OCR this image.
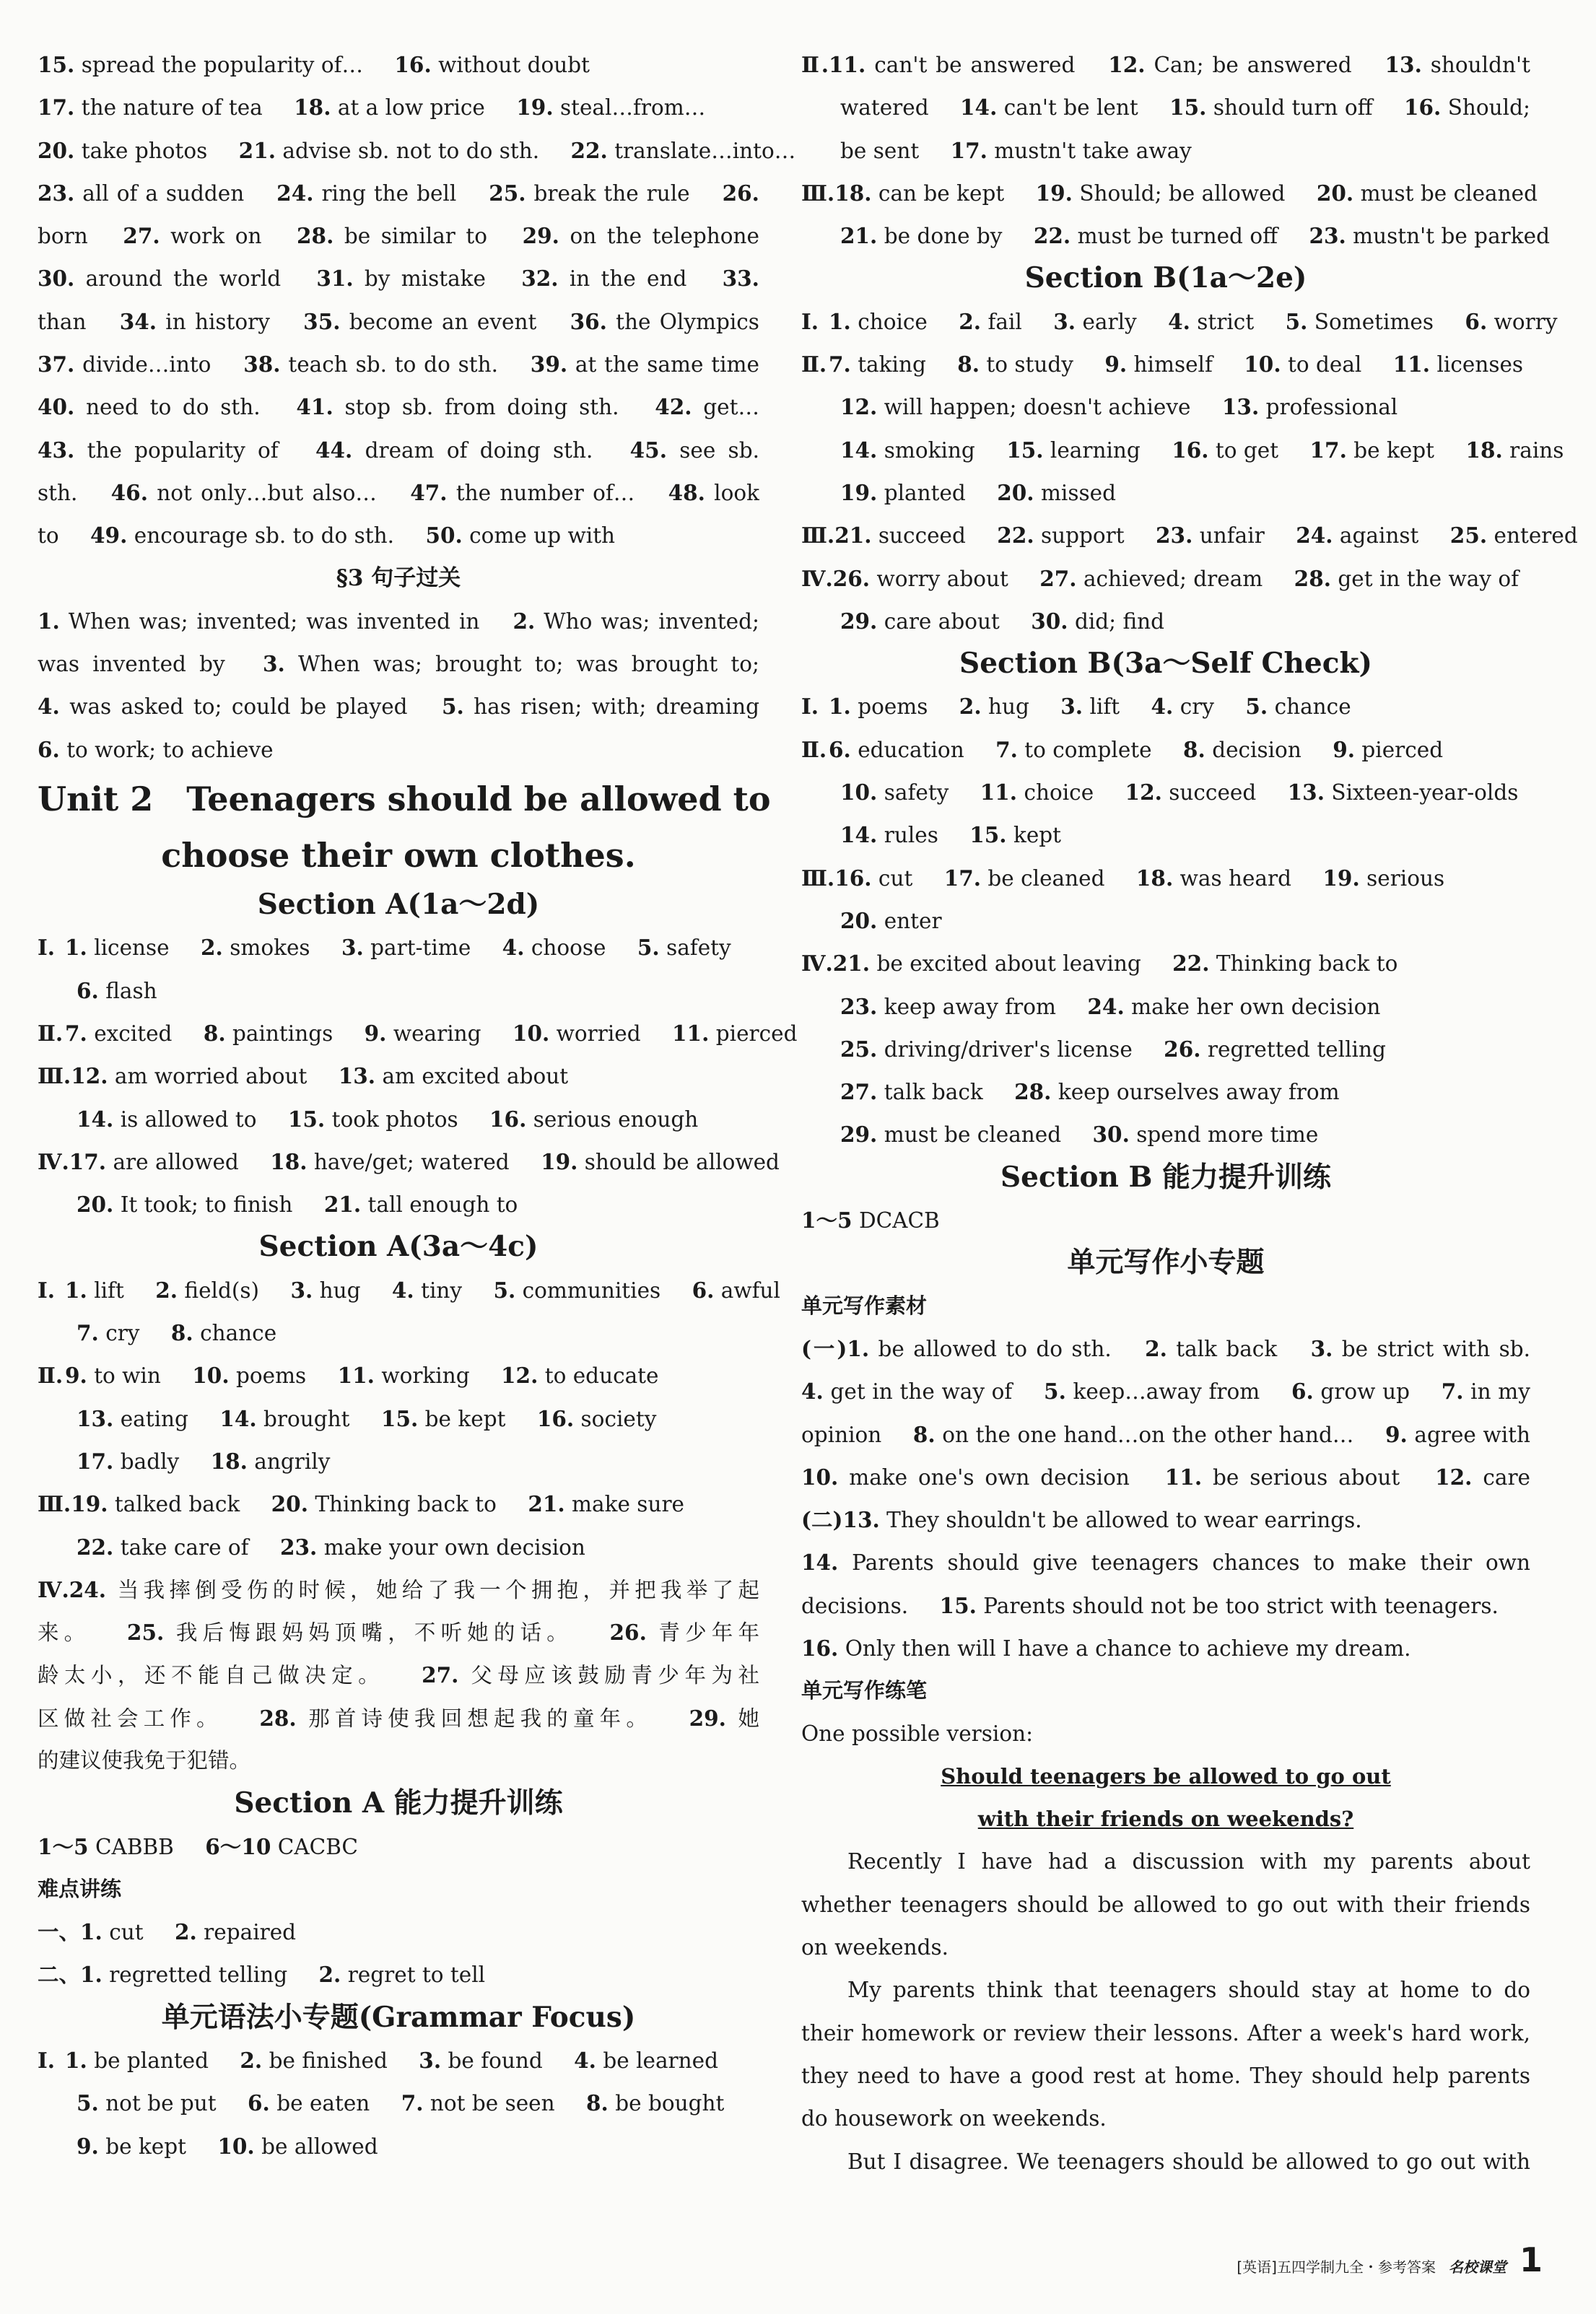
15. spread the popularity of… 16. without doubt
17. the nature of tea 18. at a low price 19. steal…from…
20. take photos 21. advise sb. not to do sth. 22. translate…into…
23. all of a sudden 24. ring the bell 25. break the rule 26.
born 27. work on 28. be similar to 29. on the telephone
30. around the world 31. by mistake 32. in the end 33.
than 34. in history 35. become an event 36. the Olympics
37. divide…into 38. teach sb. to do sth. 39. at the same time
40. need to do sth. 41. stop sb. from doing sth. 42. get…
43. the popularity of 44. dream of doing sth. 45. see sb.
sth. 46. not only…but also… 47. the number of… 48. look
to 49. encourage sb. to do sth. 50. come up with
§3 句子过关
1. When was; invented; was invented in 2. Who was; invented;
was invented by 3. When was; brought to; was brought to;
4. was asked to; could be played 5. has risen; with; dreaming
6. to work; to achieve
Unit 2　Teenagers should be allowed to
choose their own clothes.
Section A(1a～2d)
Ⅰ. 1. license 2. smokes 3. part-time 4. choose 5. safety
6. flash
Ⅱ.7. excited 8. paintings 9. wearing 10. worried 11. pierced
Ⅲ.12. am worried about 13. am excited about
14. is allowed to 15. took photos 16. serious enough
Ⅳ.17. are allowed 18. have/get; watered 19. should be allowed
20. It took; to finish 21. tall enough to
Section A(3a～4c)
Ⅰ. 1. lift 2. field(s) 3. hug 4. tiny 5. communities 6. awful
7. cry 8. chance
Ⅱ.9. to win 10. poems 11. working 12. to educate
13. eating 14. brought 15. be kept 16. society
17. badly 18. angrily
Ⅲ.19. talked back 20. Thinking back to 21. make sure
22. take care of 23. make your own decision
Ⅳ.24. 当我摔倒受伤的时候，她给了我一个拥抱，并把我举了起
来。 25. 我后悔跟妈妈顶嘴，不听她的话。 26. 青少年年
龄太小，还不能自己做决定。 27. 父母应该鼓励青少年为社
区做社会工作。 28. 那首诗使我回想起我的童年。 29. 她
的建议使我免于犯错。
Section A 能力提升训练
1～5 CABBB 6～10 CACBC
难点讲练
一、1. cut 2. repaired
二、1. regretted telling 2. regret to tell
单元语法小专题(Grammar Focus)
Ⅰ. 1. be planted 2. be finished 3. be found 4. be learned
5. not be put 6. be eaten 7. not be seen 8. be bought
9. be kept 10. be allowed
Ⅱ.11. can't be answered 12. Can; be answered 13. shouldn't
watered 14. can't be lent 15. should turn off 16. Should;
be sent 17. mustn't take away
Ⅲ.18. can be kept 19. Should; be allowed 20. must be cleaned
21. be done by 22. must be turned off 23. mustn't be parked
Section B(1a～2e)
Ⅰ. 1. choice 2. fail 3. early 4. strict 5. Sometimes 6. worry
Ⅱ.7. taking 8. to study 9. himself 10. to deal 11. licenses
12. will happen; doesn't achieve 13. professional
14. smoking 15. learning 16. to get 17. be kept 18. rains
19. planted 20. missed
Ⅲ.21. succeed 22. support 23. unfair 24. against 25. entered
Ⅳ.26. worry about 27. achieved; dream 28. get in the way of
29. care about 30. did; find
Section B(3a～Self Check)
Ⅰ. 1. poems 2. hug 3. lift 4. cry 5. chance
Ⅱ.6. education 7. to complete 8. decision 9. pierced
10. safety 11. choice 12. succeed 13. Sixteen-year-olds
14. rules 15. kept
Ⅲ.16. cut 17. be cleaned 18. was heard 19. serious
20. enter
Ⅳ.21. be excited about leaving 22. Thinking back to
23. keep away from 24. make her own decision
25. driving/driver's license 26. regretted telling
27. talk back 28. keep ourselves away from
29. must be cleaned 30. spend more time
Section B 能力提升训练
1～5 DCACB
单元写作小专题
单元写作素材
(一)1. be allowed to do sth. 2. talk back 3. be strict with sb.
4. get in the way of 5. keep…away from 6. grow up 7. in my
opinion 8. on the one hand…on the other hand… 9. agree with
10. make one's own decision 11. be serious about 12. care
(二)13. They shouldn't be allowed to wear earrings.
14. Parents should give teenagers chances to make their own
decisions. 15. Parents should not be too strict with teenagers.
16. Only then will I have a chance to achieve my dream.
单元写作练笔
One possible version:
Should teenagers be allowed to go out
with their friends on weekends?
Recently I have had a discussion with my parents about
whether teenagers should be allowed to go out with their friends
on weekends.
My parents think that teenagers should stay at home to do
their homework or review their lessons. After a week's hard work,
they need to have a good rest at home. They should help parents
do housework on weekends.
But I disagree. We teenagers should be allowed to go out with
[英语]五四学制九全・参考答案 名校课堂 1
